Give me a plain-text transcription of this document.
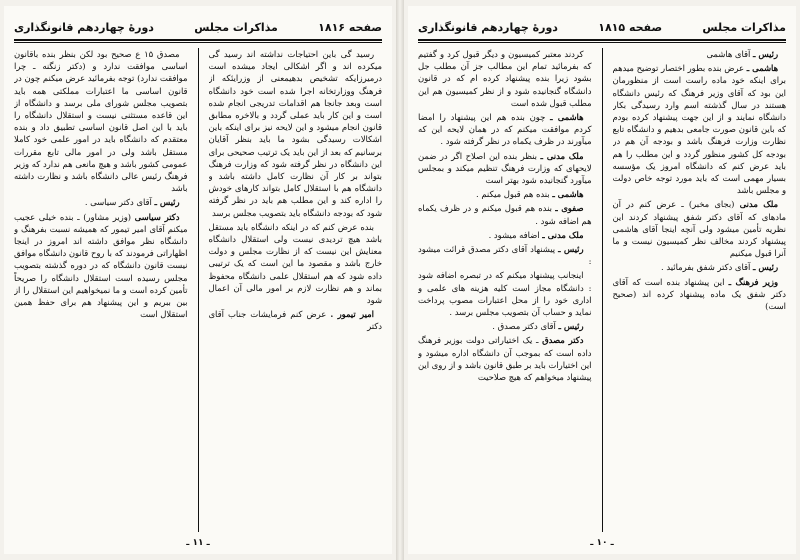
صفحه ۱۸۱۶
مذاکرات مجلس
دورهٔ چهاردهم قانونگذاری

مصدق ۱۵ ع صحیح بود لکن بنظر بنده باقانون اساسی موافقت ندارد و (دکتر زنگنه ـ چرا موافقت ندارد) توجه بفرمائید عرض میکنم چون در قانون اساسی ما اعتبارات مملکتی همه باید بتصویب مجلس شورای ملی برسد و دانشگاه از این قاعده مستثنی نیست و استقلال دانشگاه را باید با این اصل قانون اساسی تطبیق داد و بنده معتقدم که دانشگاه باید در امور علمی خود کاملا مستقل باشد ولی در امور مالی تابع مقررات عمومی کشور باشد و هیچ مانعی هم ندارد که وزیر فرهنگ رئیس عالی دانشگاه باشد و نظارت داشته باشد

رئیس ـ آقای دکتر سیاسی .

دکتر سیاسی (وزیر مشاور) ـ بنده خیلی عجیب میکنم آقای امیر تیمور که همیشه نسبت بفرهنگ و دانشگاه نظر موافق داشته اند امروز در اینجا اظهاراتی فرمودند که با روح قانون دانشگاه موافق نیست قانون دانشگاه که در دوره گذشته بتصویب مجلس رسیده است استقلال دانشگاه را صریحاً تأمین کرده است و ما نمیخواهیم این استقلال را از بین ببریم و این پیشنهاد هم برای حفظ همین استقلال است

رسید گی باین احتیاجات نداشته اند رسید گی میکرده اند و اگر اشکالی ایجاد میشده است درمیرزایکه تشخیص بدهیمعنی از وزرایئکه از فرهنگ ووزارتخانه اجرا شده است خود دانشگاه است وبعد جانجا هم اقدامات تدریجی انجام شده است و این کار باید عملی گردد و بالاخره مطابق قانون انجام میشود و این لایحه نیز برای اینکه باین اشکالات رسیدگی بشود ما باید بنظر آقایان برسانیم که بعد از این باید یک ترتیب صحیحی برای این دانشگاه در نظر گرفته شود که وزارت فرهنگ بتواند بر کار آن نظارت کامل داشته باشد و دانشگاه هم با استقلال کامل بتواند کارهای خودش را اداره کند و این مطلب هم باید در نظر گرفته شود که بودجه دانشگاه باید بتصویب مجلس برسد

بنده عرض کنم که در اینکه دانشگاه باید مستقل باشد هیچ تردیدی نیست ولی استقلال دانشگاه معنایش این نیست که از نظارت مجلس و دولت خارج باشد و مقصود ما این است که یک ترتیبی داده شود که هم استقلال علمی دانشگاه محفوظ بماند و هم نظارت لازم بر امور مالی آن اعمال شود

امیر تیمور . عرض کنم فرمایشات جناب آقای دکتر

ـ ۱۱ ـ
مذاکرات مجلس
صفحه ۱۸۱۵
دورهٔ چهاردهم قانونگذاری

کردند معتبر کمیسیون و دیگر قبول کرد و گفتیم که بفرمائید تمام این مطالب جز آن مطلب جل بشود زیرا بنده پیشنهاد کرده ام که در قانون دانشگاه گنجانیده شود و از نظر کمیسیون هم این مطلب قبول شده است

هاشمی ـ چون بنده هم این پیشنهاد را امضا کردم موافقت میکنم که در همان لایحه این که میآورند در ظرف یکماه در نظر گرفته شود .

ملک مدنی ـ بنظر بنده این اصلاح اگر در ضمن لایحهای که وزارت فرهنگ تنظیم میکند و بمجلس میآورد گنجانیده شود بهتر است

هاشمی ـ بنده هم قبول میکنم .

صفوی ـ بنده هم قبول میکنم و در ظرف یکماه هم اضافه شود .

ملک مدنی ـ اضافه میشود .

رئیس ـ پیشنهاد آقای دکتر مصدق قرائت میشود :

اینجانب پیشنهاد میکنم که در تبصره اضافه شود : دانشگاه مجاز است کلیه هزینه های علمی و اداری خود را از محل اعتبارات مصوب پرداخت نماید و حساب آن بتصویب مجلس برسد .

رئیس ـ آقای دکتر مصدق .

دکتر مصدق ـ یک اختیاراتی دولت بوزیر فرهنگ داده است که بموجب آن دانشگاه اداره میشود و این اختیارات باید بر طبق قانون باشد و از روی این پیشنهاد میخواهم که هیچ صلاحیت

رئیس ـ آقای هاشمی

هاشمی ـ عرض بنده بطور اختصار توضیح میدهم برای اینکه خود ماده راست است از منظورمان این بود که آقای وزیر فرهنگ که رئیس دانشگاه هستند در سال گذشته اسم وارد رسیدگی بکار دانشگاه نمایند و از این جهت پیشنهاد کرده بودم که باین قانون صورت جامعی بدهیم و دانشگاه تابع نظارت وزارت فرهنگ باشد و بودجه آن هم در بودجه کل کشور منظور گردد و این مطلب را هم باید عرض کنم که دانشگاه امروز یک مؤسسه بسیار مهمی است که باید مورد توجه خاص دولت و مجلس باشد

ملک مدنی (بجای مخبر) ـ عرض کنم در آن مادهای که آقای دکتر شفق پیشنهاد کردند این نظریه تأمین میشود ولی آنچه اینجا آقای هاشمی پیشنهاد کردند مخالف نظر کمیسیون نیست و ما آنرا قبول میکنیم

رئیس ـ آقای دکتر شفق بفرمائید .

وزیر فرهنگ ـ این پیشنهاد بنده است که آقای دکتر شفق یک ماده پیشنهاد کرده اند (صحیح است)

ـ ۱۰ ـ
